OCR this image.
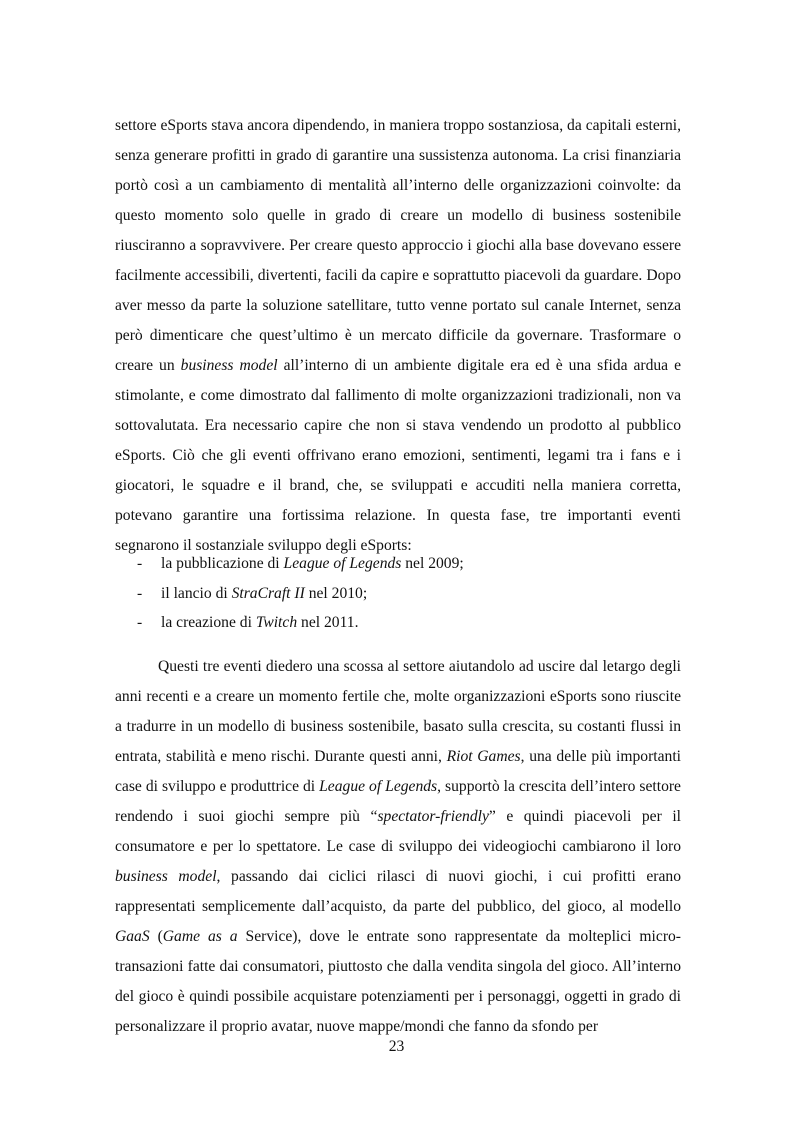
settore eSports stava ancora dipendendo, in maniera troppo sostanziosa, da capitali esterni, senza generare profitti in grado di garantire una sussistenza autonoma. La crisi finanziaria portò così a un cambiamento di mentalità all’interno delle organizzazioni coinvolte: da questo momento solo quelle in grado di creare un modello di business sostenibile riusciranno a sopravvivere. Per creare questo approccio i giochi alla base dovevano essere facilmente accessibili, divertenti, facili da capire e soprattutto piacevoli da guardare. Dopo aver messo da parte la soluzione satellitare, tutto venne portato sul canale Internet, senza però dimenticare che quest’ultimo è un mercato difficile da governare. Trasformare o creare un business model all’interno di un ambiente digitale era ed è una sfida ardua e stimolante, e come dimostrato dal fallimento di molte organizzazioni tradizionali, non va sottovalutata. Era necessario capire che non si stava vendendo un prodotto al pubblico eSports. Ciò che gli eventi offrivano erano emozioni, sentimenti, legami tra i fans e i giocatori, le squadre e il brand, che, se sviluppati e accuditi nella maniera corretta, potevano garantire una fortissima relazione. In questa fase, tre importanti eventi segnarono il sostanziale sviluppo degli eSports:
- la pubblicazione di League of Legends nel 2009;
- il lancio di StraCraft II nel 2010;
- la creazione di Twitch nel 2011.
Questi tre eventi diedero una scossa al settore aiutandolo ad uscire dal letargo degli anni recenti e a creare un momento fertile che, molte organizzazioni eSports sono riuscite a tradurre in un modello di business sostenibile, basato sulla crescita, su costanti flussi in entrata, stabilità e meno rischi. Durante questi anni, Riot Games, una delle più importanti case di sviluppo e produttrice di League of Legends, supportò la crescita dell’intero settore rendendo i suoi giochi sempre più “spectator-friendly” e quindi piacevoli per il consumatore e per lo spettatore. Le case di sviluppo dei videogiochi cambiarono il loro business model, passando dai ciclici rilasci di nuovi giochi, i cui profitti erano rappresentati semplicemente dall’acquisto, da parte del pubblico, del gioco, al modello GaaS (Game as a Service), dove le entrate sono rappresentate da molteplici micro-transazioni fatte dai consumatori, piuttosto che dalla vendita singola del gioco. All’interno del gioco è quindi possibile acquistare potenziamenti per i personaggi, oggetti in grado di personalizzare il proprio avatar, nuove mappe/mondi che fanno da sfondo per
23
